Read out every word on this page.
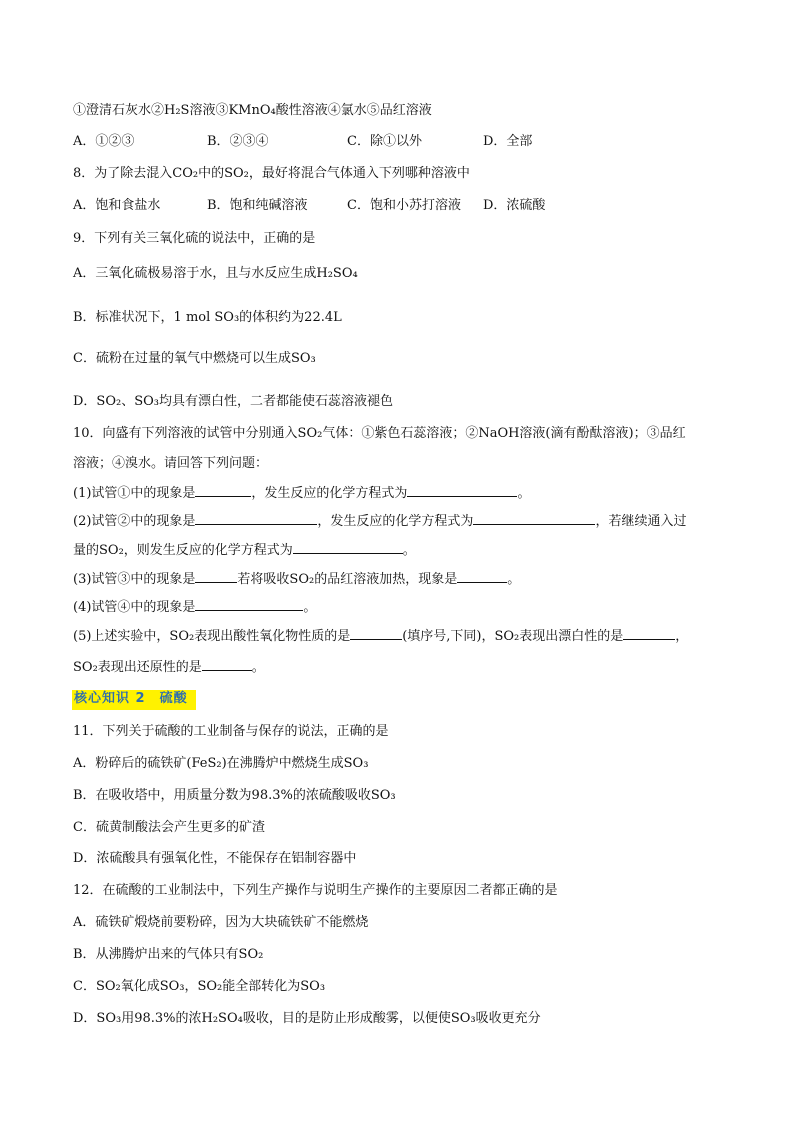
①澄清石灰水②H₂S溶液③KMnO₄酸性溶液④氯水⑤品红溶液
A．①②③	B．②③④	C．除①以外	D．全部
8．为了除去混入CO₂中的SO₂，最好将混合气体通入下列哪种溶液中
A．饱和食盐水	B．饱和纯碱溶液	C．饱和小苏打溶液 D．浓硫酸
9．下列有关三氧化硫的说法中，正确的是
A．三氧化硫极易溶于水，且与水反应生成H₂SO₄
B．标准状况下，1 mol SO₃的体积约为22.4L
C．硫粉在过量的氧气中燃烧可以生成SO₃
D．SO₂、SO₃均具有漂白性，二者都能使石蕊溶液褪色
10．向盛有下列溶液的试管中分别通入SO₂气体：①紫色石蕊溶液；②NaOH溶液(滴有酚酞溶液)；③品红
溶液；④溴水。请回答下列问题：
(1)试管①中的现象是	，发生反应的化学方程式为	。
(2)试管②中的现象是	，发生反应的化学方程式为	，若继续通入过
量的SO₂，则发生反应的化学方程式为	。
(3)试管③中的现象是	若将吸收SO₂的品红溶液加热，现象是	。
(4)试管④中的现象是	。
(5)上述实验中，SO₂表现出酸性氧化物性质的是	(填序号,下同)，SO₂表现出漂白性的是	，
SO₂表现出还原性的是	。
核心知识 2　硫酸
11．下列关于硫酸的工业制备与保存的说法，正确的是
A．粉碎后的硫铁矿(FeS₂)在沸腾炉中燃烧生成SO₃
B．在吸收塔中，用质量分数为98.3%的浓硫酸吸收SO₃
C．硫黄制酸法会产生更多的矿渣
D．浓硫酸具有强氧化性，不能保存在铝制容器中
12．在硫酸的工业制法中，下列生产操作与说明生产操作的主要原因二者都正确的是
A．硫铁矿煅烧前要粉碎，因为大块硫铁矿不能燃烧
B．从沸腾炉出来的气体只有SO₂
C．SO₂氧化成SO₃，SO₂能全部转化为SO₃
D．SO₃用98.3%的浓H₂SO₄吸收，目的是防止形成酸雾，以便使SO₃吸收更充分
